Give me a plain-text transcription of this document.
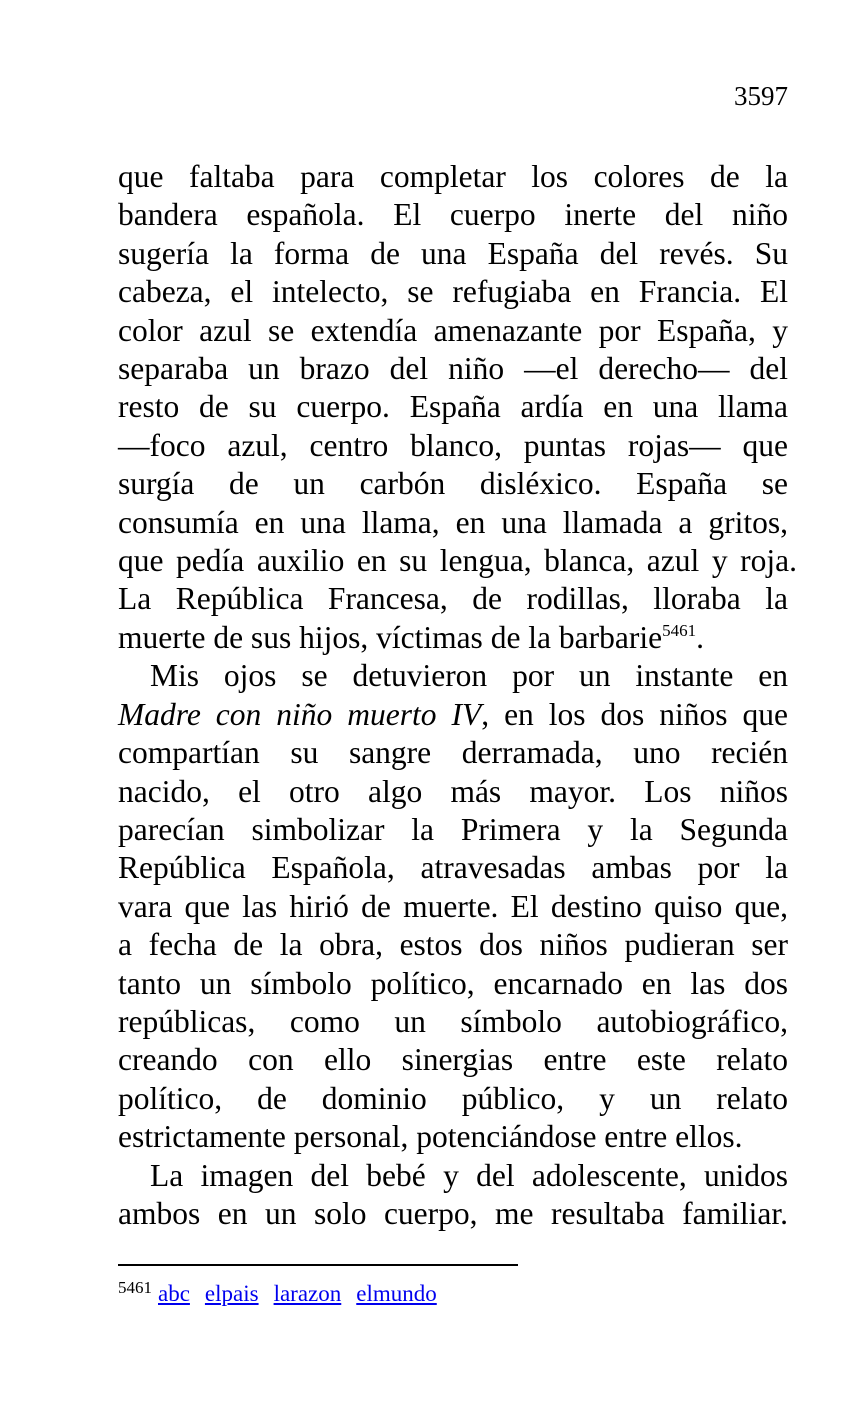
3597
que faltaba para completar los colores de la
bandera española. El cuerpo inerte del niño
sugería la forma de una España del revés. Su
cabeza, el intelecto, se refugiaba en Francia. El
color azul se extendía amenazante por España, y
separaba un brazo del niño —el derecho— del
resto de su cuerpo. España ardía en una llama
—foco azul, centro blanco, puntas rojas— que
surgía de un carbón disléxico. España se
consumía en una llama, en una llamada a gritos,
que pedía auxilio en su lengua, blanca, azul y roja.
La República Francesa, de rodillas, lloraba la
muerte de sus hijos, víctimas de la barbarie$^{5461}$.
Mis ojos se detuvieron por un instante en
Madre con niño muerto IV, en los dos niños que
compartían su sangre derramada, uno recién
nacido, el otro algo más mayor. Los niños
parecían simbolizar la Primera y la Segunda
República Española, atravesadas ambas por la
vara que las hirió de muerte. El destino quiso que,
a fecha de la obra, estos dos niños pudieran ser
tanto un símbolo político, encarnado en las dos
repúblicas, como un símbolo autobiográfico,
creando con ello sinergias entre este relato
político, de dominio público, y un relato
estrictamente personal, potenciándose entre ellos.
La imagen del bebé y del adolescente, unidos
ambos en un solo cuerpo, me resultaba familiar.
$^{5461}$ abc elpais larazon elmundo
